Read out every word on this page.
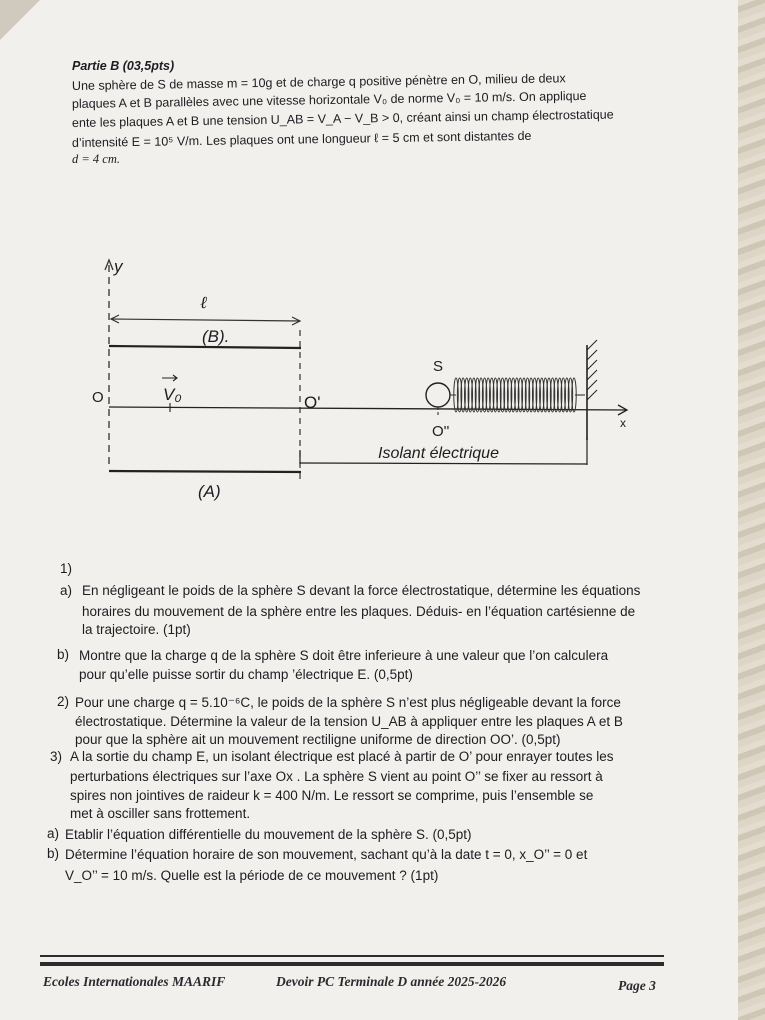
Partie B (03,5pts)
Une sphère de S de masse m = 10g et de charge q positive pénètre en O, milieu de deux
plaques A et B parallèles avec une vitesse horizontale V₀ de norme V₀ = 10 m/s. On applique
ente les plaques A et B une tension U_AB = V_A − V_B > 0, créant ainsi un champ électrostatique
d’intensité E = 10⁵ V/m. Les plaques ont une longueur ℓ = 5 cm et sont distantes de
d = 4 cm.
y
ℓ
(B).
O	V₀
x
O'
(A)
Isolant électrique
S
O''
1)
a) En négligeant le poids de la sphère S devant la force électrostatique, détermine les équations
horaires du mouvement de la sphère entre les plaques. Déduis- en l’équation cartésienne de
la trajectoire. (1pt)
b) Montre que la charge q de la sphère S doit être inferieure à une valeur que l’on calculera
pour qu’elle puisse sortir du champ ’électrique E. (0,5pt)
2) Pour une charge q = 5.10⁻⁶C, le poids de la sphère S n’est plus négligeable devant la force
électrostatique. Détermine la valeur de la tension U_AB à appliquer entre les plaques A et B
pour que la sphère ait un mouvement rectiligne uniforme de direction OO’. (0,5pt)
3) A la sortie du champ E, un isolant électrique est placé à partir de O’ pour enrayer toutes les
perturbations électriques sur l’axe Ox . La sphère S vient au point O’’ se fixer au ressort à
spires non jointives de raideur k = 400 N/m. Le ressort se comprime, puis l’ensemble se
met à osciller sans frottement.
a) Etablir l’équation différentielle du mouvement de la sphère S. (0,5pt)
b) Détermine l’équation horaire de son mouvement, sachant qu’à la date t = 0, x_O’’ = 0 et
V_O’’ = 10 m/s. Quelle est la période de ce mouvement ? (1pt)
Ecoles Internationales MAARIF	Devoir PC Terminale D année 2025-2026	Page 3
